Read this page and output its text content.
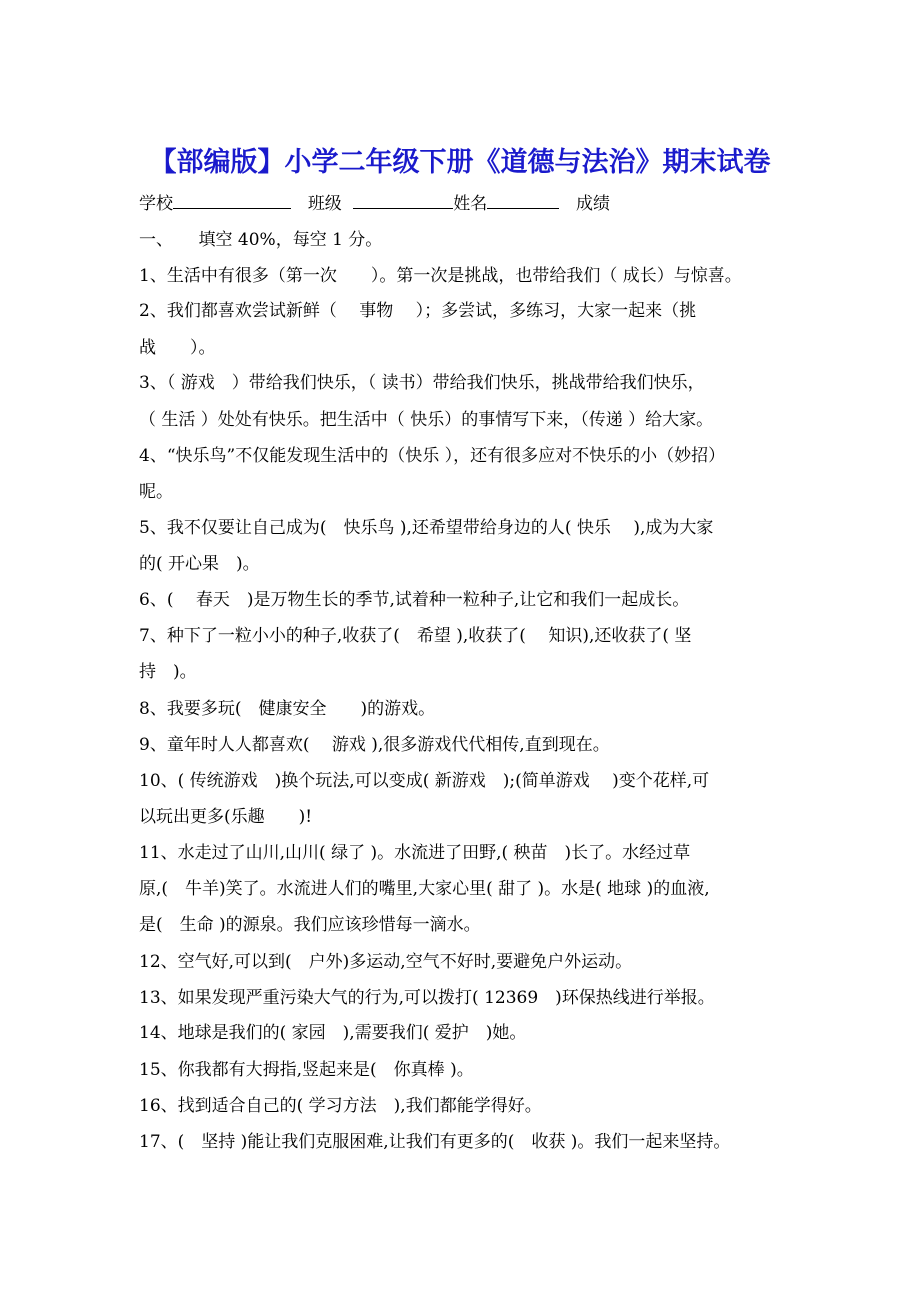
【部编版】小学二年级下册《道德与法治》期末试卷
学校	班级	姓名	成绩
一、　　填空 40%，每空 1 分。
1、生活中有很多（第一次　　）。第一次是挑战，也带给我们（ 成长）与惊喜。
2、我们都喜欢尝试新鲜（　 事物　 ）；多尝试，多练习，大家一起来（挑
战　　）。
3、（ 游戏　）带给我们快乐，（ 读书）带给我们快乐，挑战带给我们快乐，
（ 生活 ）处处有快乐。把生活中（ 快乐）的事情写下来，（传递 ）给大家。
4、“快乐鸟”不仅能发现生活中的（快乐 ），还有很多应对不快乐的小（妙招）
呢。
5、我不仅要让自己成为(　快乐鸟 ),还希望带给身边的人( 快乐　 ),成为大家
的( 开心果　)。
6、(　 春天　)是万物生长的季节,试着种一粒种子,让它和我们一起成长。
7、种下了一粒小小的种子,收获了(　希望 ),收获了(　 知识),还收获了( 坚
持　)。
8、我要多玩(　健康安全　　)的游戏。
9、童年时人人都喜欢(　 游戏 ),很多游戏代代相传,直到现在。
10、( 传统游戏　)换个玩法,可以变成( 新游戏　);(简单游戏　 )变个花样,可
以玩出更多(乐趣　　)!
11、水走过了山川,山川( 绿了 )。水流进了田野,( 秧苗　)长了。水经过草
原,(　牛羊)笑了。水流进人们的嘴里,大家心里( 甜了 )。水是( 地球 )的血液,
是(　生命 )的源泉。我们应该珍惜每一滴水。
12、空气好,可以到(　户外)多运动,空气不好时,要避免户外运动。
13、如果发现严重污染大气的行为,可以拨打( 12369　)环保热线进行举报。
14、地球是我们的( 家园　),需要我们( 爱护　)她。
15、你我都有大拇指,竖起来是(　你真棒 )。
16、找到适合自己的( 学习方法　),我们都能学得好。
17、(　坚持 )能让我们克服困难,让我们有更多的(　收获 )。我们一起来坚持。
